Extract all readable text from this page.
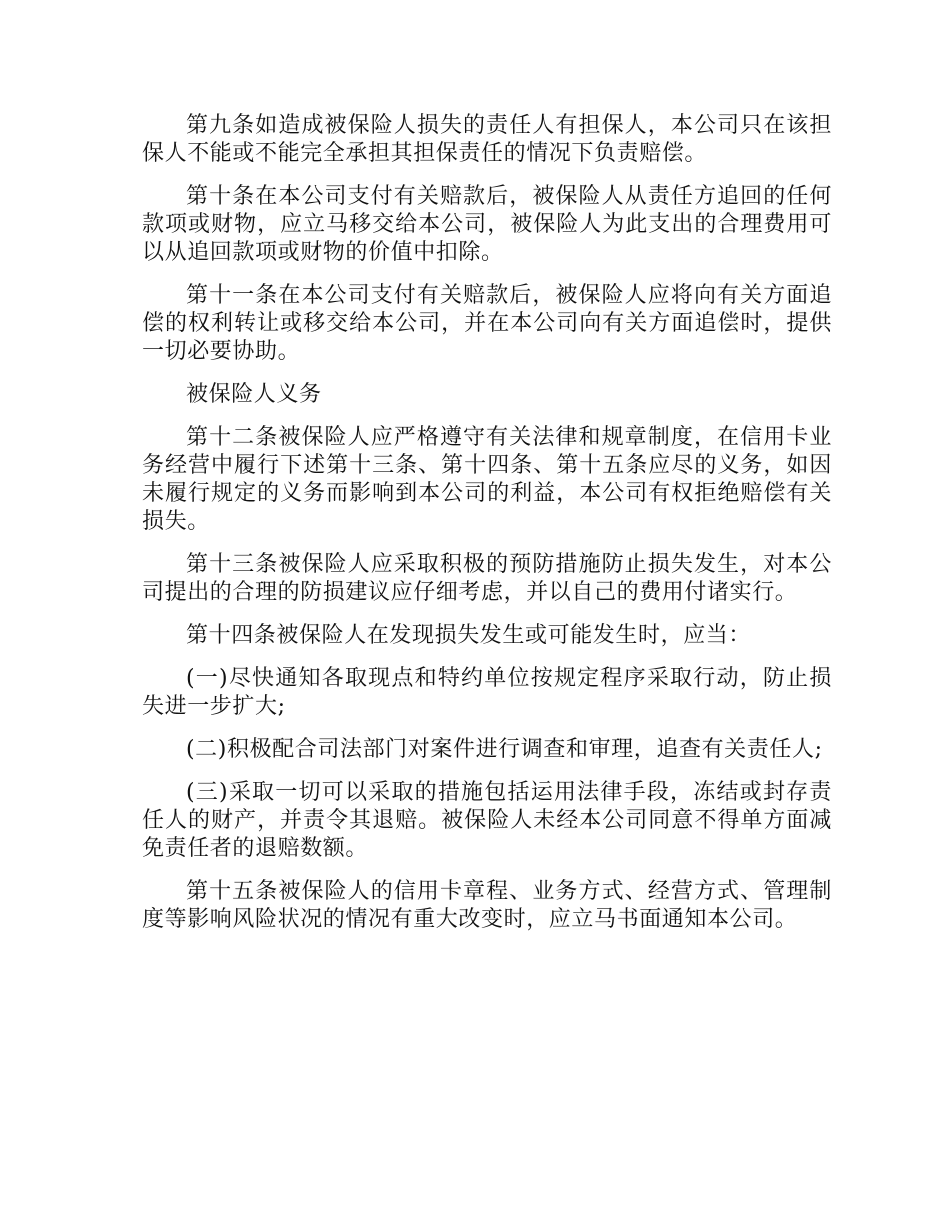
第九条如造成被保险人损失的责任人有担保人，本公司只在该担保人不能或不能完全承担其担保责任的情况下负责赔偿。

第十条在本公司支付有关赔款后，被保险人从责任方追回的任何款项或财物，应立马移交给本公司，被保险人为此支出的合理费用可以从追回款项或财物的价值中扣除。

第十一条在本公司支付有关赔款后，被保险人应将向有关方面追偿的权利转让或移交给本公司，并在本公司向有关方面追偿时，提供一切必要协助。

被保险人义务

第十二条被保险人应严格遵守有关法律和规章制度，在信用卡业务经营中履行下述第十三条、第十四条、第十五条应尽的义务，如因未履行规定的义务而影响到本公司的利益，本公司有权拒绝赔偿有关损失。

第十三条被保险人应采取积极的预防措施防止损失发生，对本公司提出的合理的防损建议应仔细考虑，并以自己的费用付诸实行。

第十四条被保险人在发现损失发生或可能发生时，应当：

(一)尽快通知各取现点和特约单位按规定程序采取行动，防止损失进一步扩大;

(二)积极配合司法部门对案件进行调查和审理，追查有关责任人;

(三)采取一切可以采取的措施包括运用法律手段，冻结或封存责任人的财产，并责令其退赔。被保险人未经本公司同意不得单方面减免责任者的退赔数额。

第十五条被保险人的信用卡章程、业务方式、经营方式、管理制度等影响风险状况的情况有重大改变时，应立马书面通知本公司。
